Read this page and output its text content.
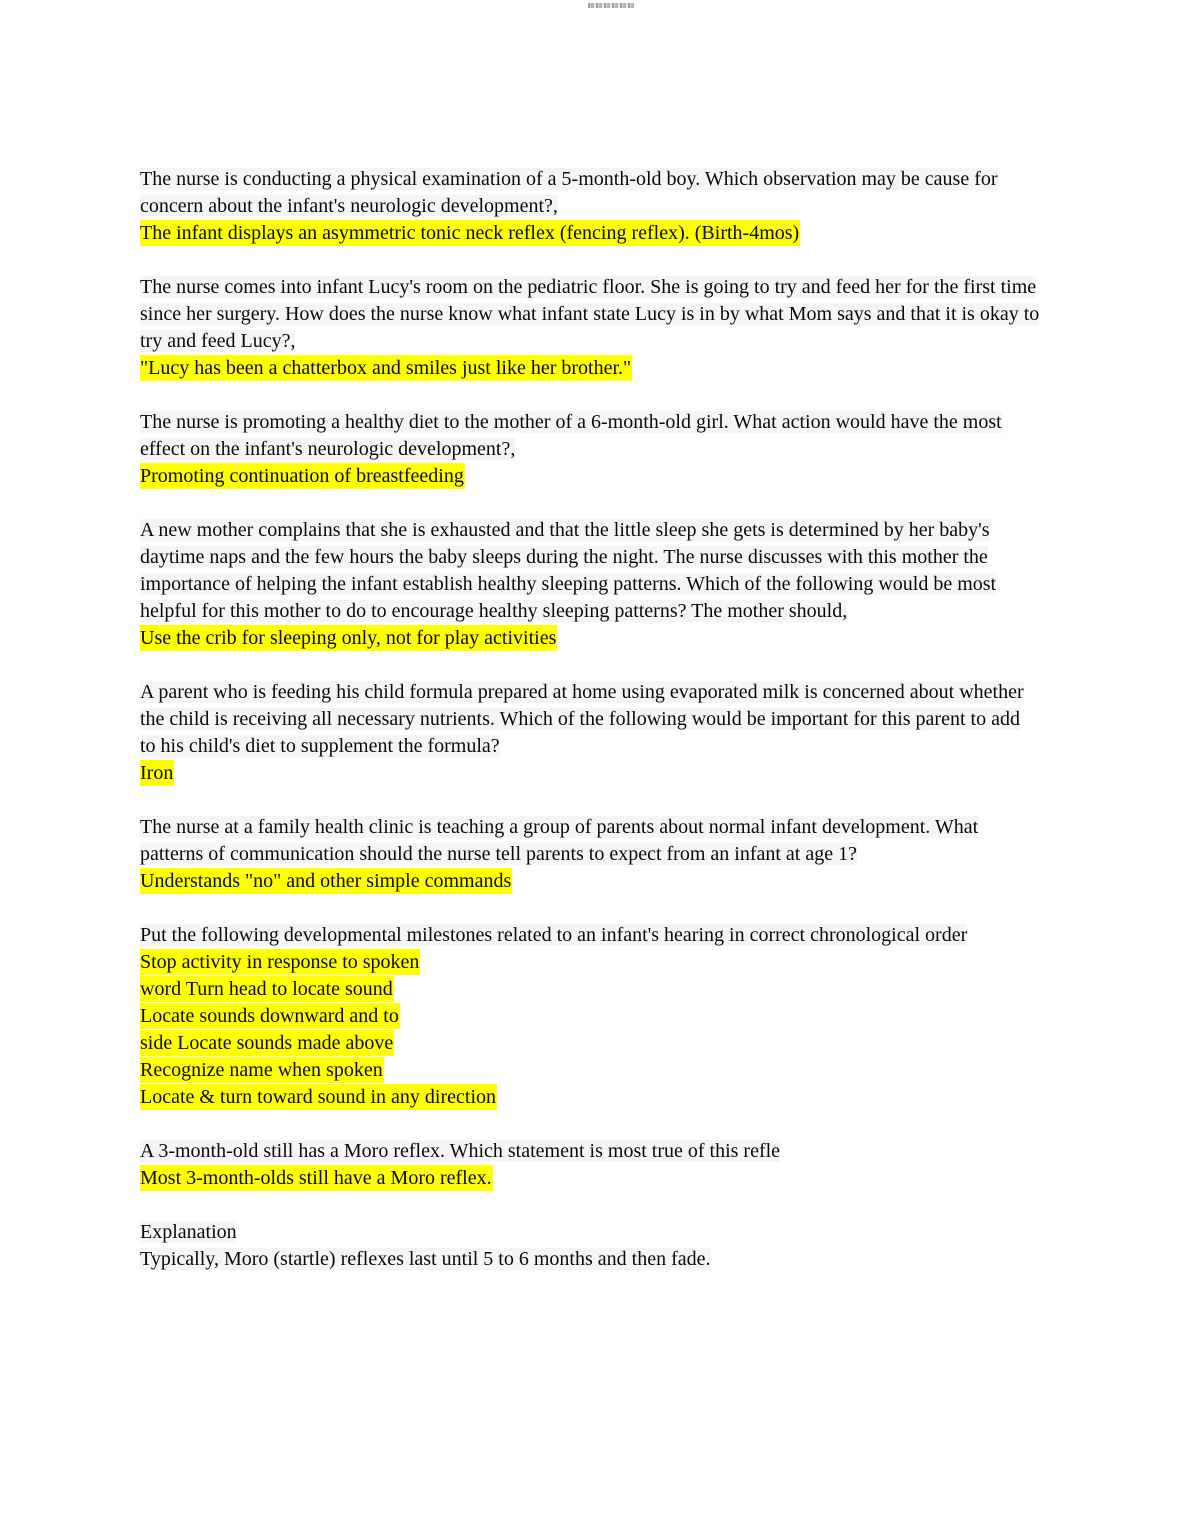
The nurse is conducting a physical examination of a 5-month-old boy. Which observation may be cause for concern about the infant's neurologic development?,
The infant displays an asymmetric tonic neck reflex (fencing reflex). (Birth-4mos)
The nurse comes into infant Lucy's room on the pediatric floor. She is going to try and feed her for the first time since her surgery. How does the nurse know what infant state Lucy is in by what Mom says and that it is okay to try and feed Lucy?,
"Lucy has been a chatterbox and smiles just like her brother."
The nurse is promoting a healthy diet to the mother of a 6-month-old girl. What action would have the most effect on the infant's neurologic development?,
Promoting continuation of breastfeeding
A new mother complains that she is exhausted and that the little sleep she gets is determined by her baby's daytime naps and the few hours the baby sleeps during the night. The nurse discusses with this mother the importance of helping the infant establish healthy sleeping patterns. Which of the following would be most helpful for this mother to do to encourage healthy sleeping patterns? The mother should,
Use the crib for sleeping only, not for play activities
A parent who is feeding his child formula prepared at home using evaporated milk is concerned about whether the child is receiving all necessary nutrients. Which of the following would be important for this parent to add to his child's diet to supplement the formula?
Iron
The nurse at a family health clinic is teaching a group of parents about normal infant development. What patterns of communication should the nurse tell parents to expect from an infant at age 1?
Understands "no" and other simple commands
Put the following developmental milestones related to an infant's hearing in correct chronological order
Stop activity in response to spoken
word Turn head to locate sound
Locate sounds downward and to
side Locate sounds made above
Recognize name when spoken
Locate & turn toward sound in any direction
A 3-month-old still has a Moro reflex. Which statement is most true of this refle
Most 3-month-olds still have a Moro reflex.
Explanation
Typically, Moro (startle) reflexes last until 5 to 6 months and then fade.
